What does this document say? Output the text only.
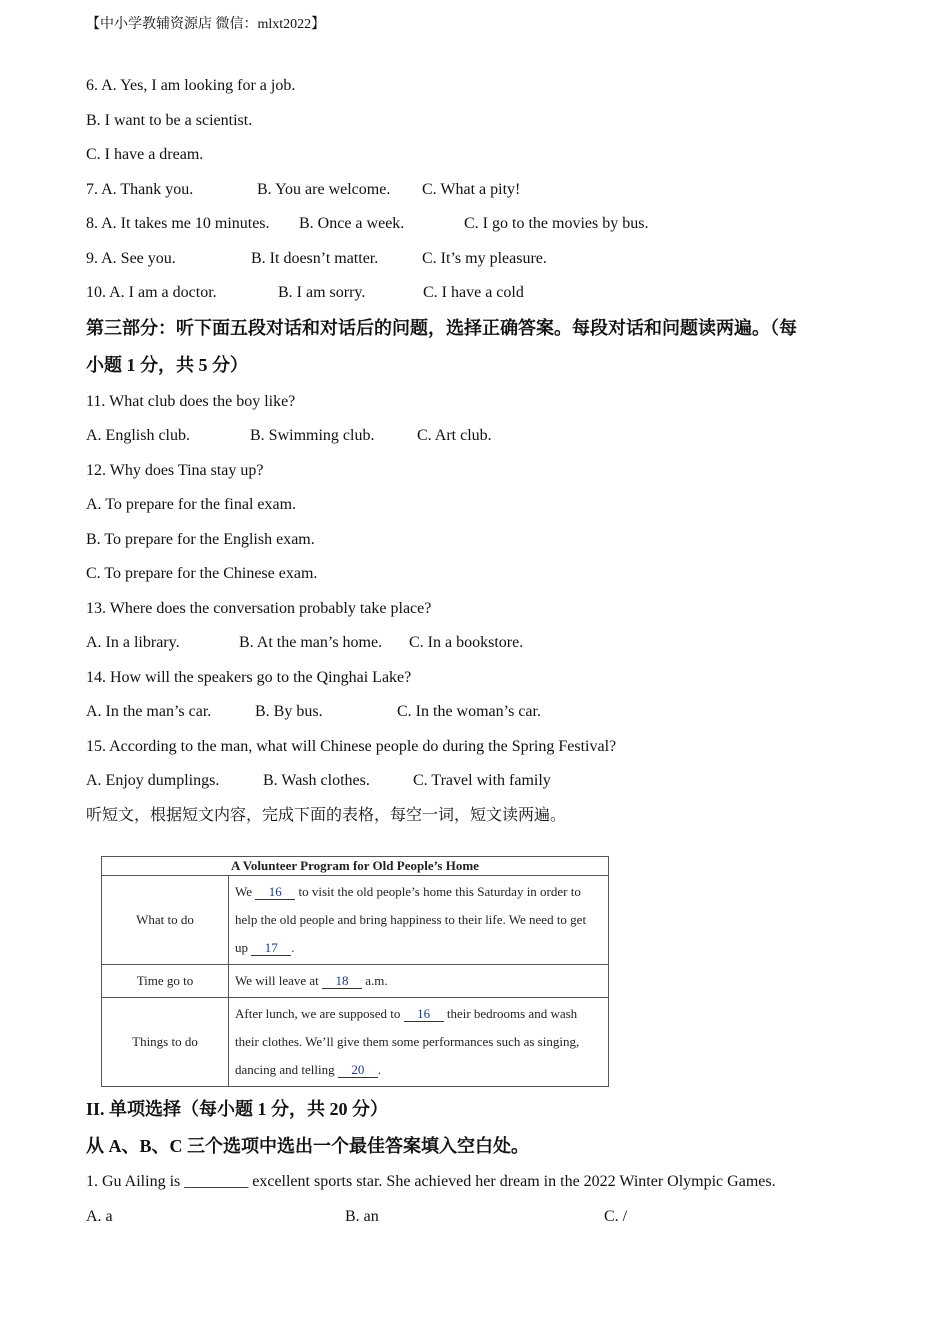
【中小学教辅资源店 微信：mlxt2022】
6. A. Yes, I am looking for a job.
B. I want to be a scientist.
C. I have a dream.
7. A. Thank you.	B. You are welcome. C. What a pity!
8. A. It takes me 10 minutes. B. Once a week.	C. I go to the movies by bus.
9. A. See you.	B. It doesn’t matter.	C. It’s my pleasure.
10. A. I am a doctor.	B. I am sorry.	C. I have a cold
第三部分：听下面五段对话和对话后的问题，选择正确答案。每段对话和问题读两遍。（每
小题 1 分，共 5 分）
11. What club does the boy like?
A. English club.	B. Swimming club.	C. Art club.
12. Why does Tina stay up?
A. To prepare for the final exam.
B. To prepare for the English exam.
C. To prepare for the Chinese exam.
13. Where does the conversation probably take place?
A. In a library.	B. At the man’s home. C. In a bookstore.
14. How will the speakers go to the Qinghai Lake?
A. In the man’s car.	B. By bus.	C. In the woman’s car.
15. According to the man, what will Chinese people do during the Spring Festival?
A. Enjoy dumplings.	B. Wash clothes.	C. Travel with family
听短文，根据短文内容，完成下面的表格，每空一词，短文读两遍。
A Volunteer Program for Old People’s Home	
What to do	We 16 to visit the old people’s home this Saturday in order to help the old people and bring happiness to their life. We need to get up 17 .
Time go to	We will leave at 18 a.m.
Things to do	After lunch, we are supposed to 16 their bedrooms and wash their clothes. We’ll give them some performances such as singing, dancing and telling 20 .
II. 单项选择（每小题 1 分，共 20 分）
从 A、B、C 三个选项中选出一个最佳答案填入空白处。
1. Gu Ailing is ________ excellent sports star. She achieved her dream in the 2022 Winter Olympic Games.
A. a	B. an	C. /
